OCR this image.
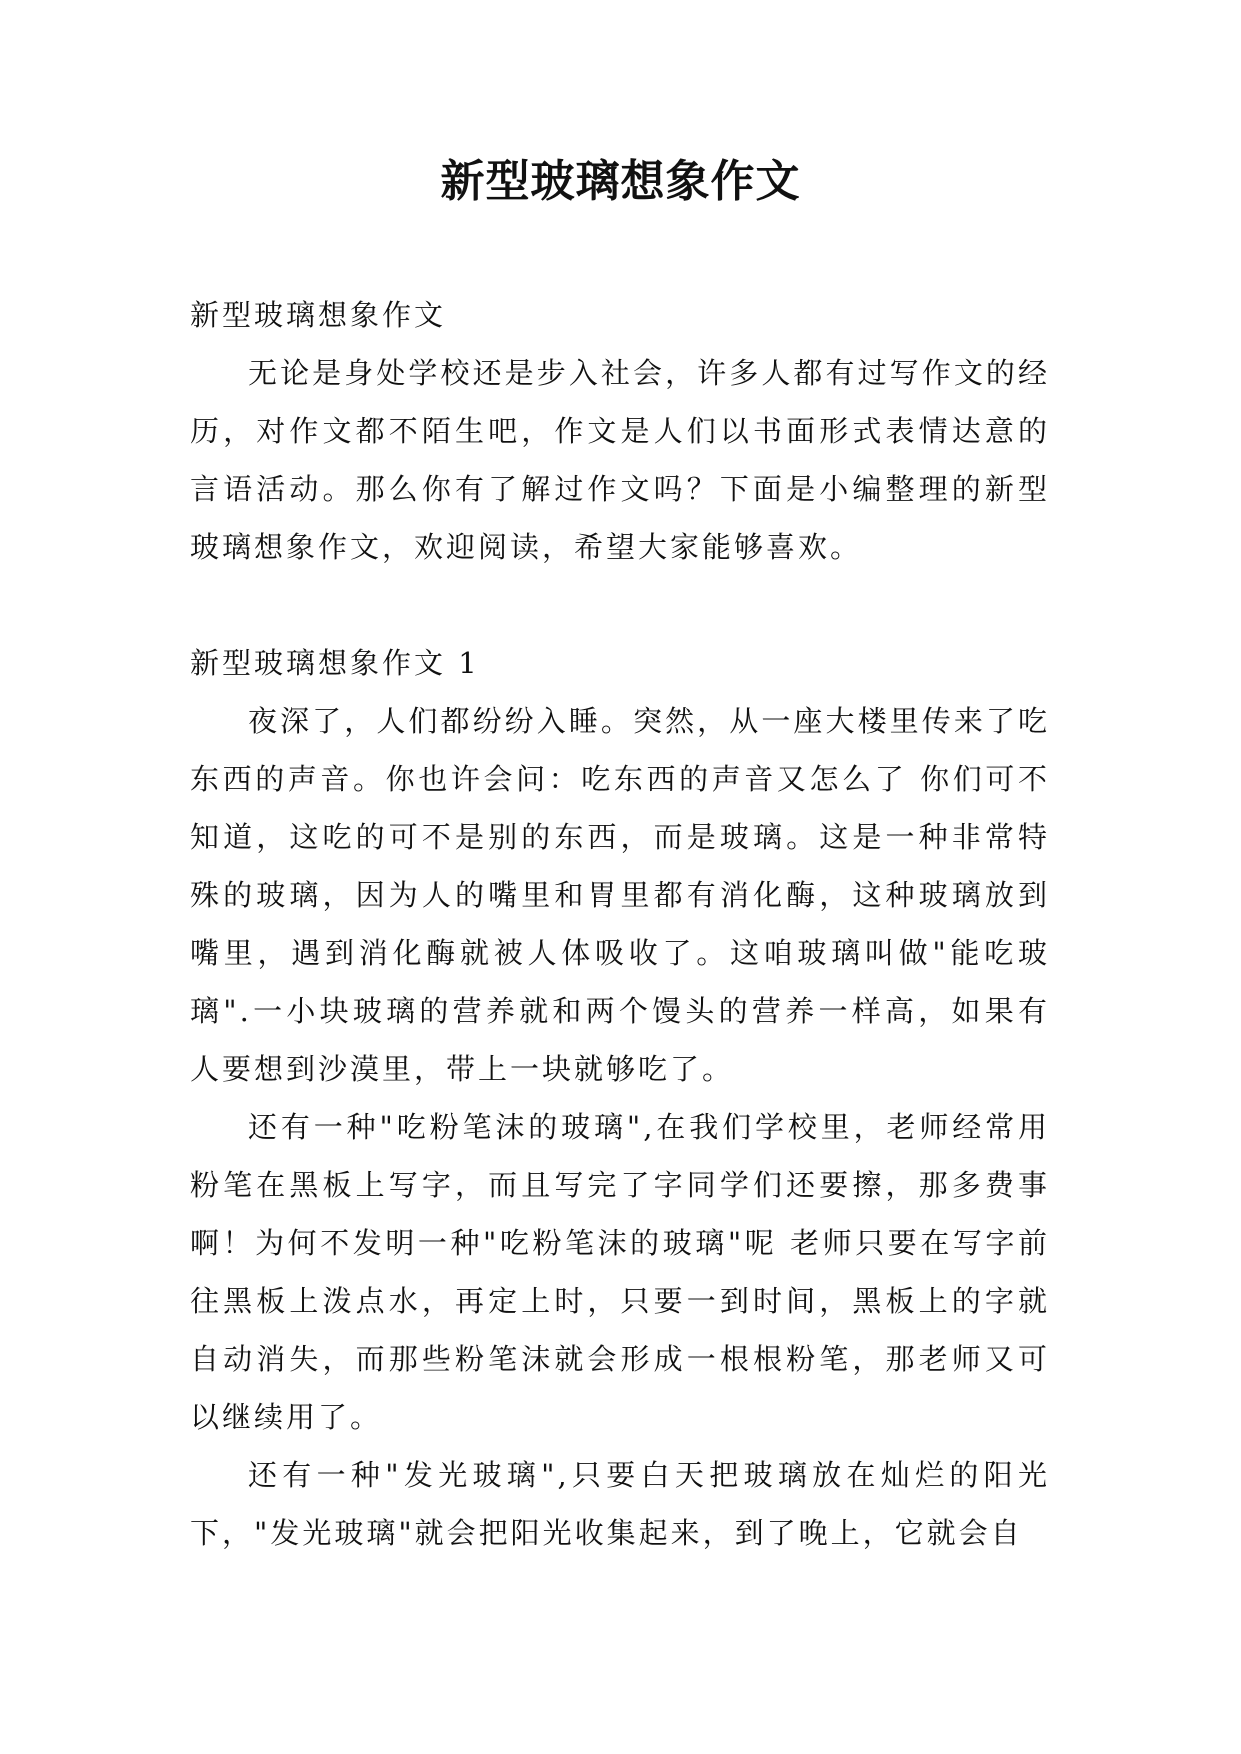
新型玻璃想象作文

新型玻璃想象作文

无论是身处学校还是步入社会，许多人都有过写作文的经历，对作文都不陌生吧，作文是人们以书面形式表情达意的言语活动。那么你有了解过作文吗？下面是小编整理的新型玻璃想象作文，欢迎阅读，希望大家能够喜欢。

新型玻璃想象作文 1

夜深了，人们都纷纷入睡。突然，从一座大楼里传来了吃东西的声音。你也许会问：吃东西的声音又怎么了 你们可不知道，这吃的可不是别的东西，而是玻璃。这是一种非常特殊的玻璃，因为人的嘴里和胃里都有消化酶，这种玻璃放到嘴里，遇到消化酶就被人体吸收了。这咱玻璃叫做"能吃玻璃".一小块玻璃的营养就和两个馒头的营养一样高，如果有人要想到沙漠里，带上一块就够吃了。

还有一种"吃粉笔沫的玻璃",在我们学校里，老师经常用粉笔在黑板上写字，而且写完了字同学们还要擦，那多费事啊！为何不发明一种"吃粉笔沫的玻璃"呢 老师只要在写字前往黑板上泼点水，再定上时，只要一到时间，黑板上的字就自动消失，而那些粉笔沫就会形成一根根粉笔，那老师又可以继续用了。

还有一种"发光玻璃",只要白天把玻璃放在灿烂的阳光下，"发光玻璃"就会把阳光收集起来，到了晚上，它就会自
